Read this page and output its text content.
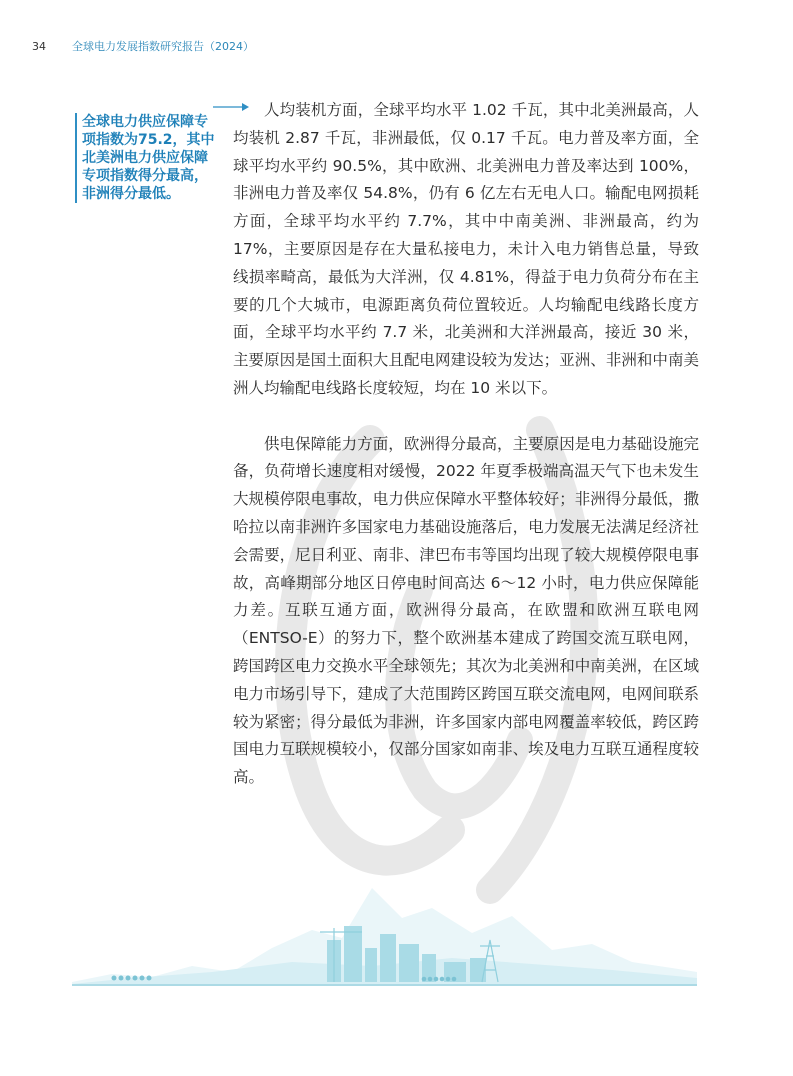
34 全球电力发展指数研究报告（2024）
全球电力供应保障专项指数为75.2，其中北美洲电力供应保障专项指数得分最高，非洲得分最低。

人均装机方面，全球平均水平 1.02 千瓦，其中北美洲最高，人均装机 2.87 千瓦，非洲最低，仅 0.17 千瓦。电力普及率方面，全球平均水平约 90.5%，其中欧洲、北美洲电力普及率达到 100%，非洲电力普及率仅 54.8%，仍有 6 亿左右无电人口。输配电网损耗方面，全球平均水平约 7.7%，其中中南美洲、非洲最高，约为 17%，主要原因是存在大量私接电力，未计入电力销售总量，导致线损率畸高，最低为大洋洲，仅 4.81%，得益于电力负荷分布在主要的几个大城市，电源距离负荷位置较近。人均输配电线路长度方面，全球平均水平约 7.7 米，北美洲和大洋洲最高，接近 30 米，主要原因是国土面积大且配电网建设较为发达；亚洲、非洲和中南美洲人均输配电线路长度较短，均在 10 米以下。

供电保障能力方面，欧洲得分最高，主要原因是电力基础设施完备，负荷增长速度相对缓慢，2022 年夏季极端高温天气下也未发生大规模停限电事故，电力供应保障水平整体较好；非洲得分最低，撒哈拉以南非洲许多国家电力基础设施落后，电力发展无法满足经济社会需要，尼日利亚、南非、津巴布韦等国均出现了较大规模停限电事故，高峰期部分地区日停电时间高达 6～12 小时，电力供应保障能力差。互联互通方面，欧洲得分最高，在欧盟和欧洲互联电网（ENTSO-E）的努力下，整个欧洲基本建成了跨国交流互联电网，跨国跨区电力交换水平全球领先；其次为北美洲和中南美洲，在区域电力市场引导下，建成了大范围跨区跨国互联交流电网，电网间联系较为紧密；得分最低为非洲，许多国家内部电网覆盖率较低，跨区跨国电力互联规模较小，仅部分国家如南非、埃及电力互联互通程度较高。
